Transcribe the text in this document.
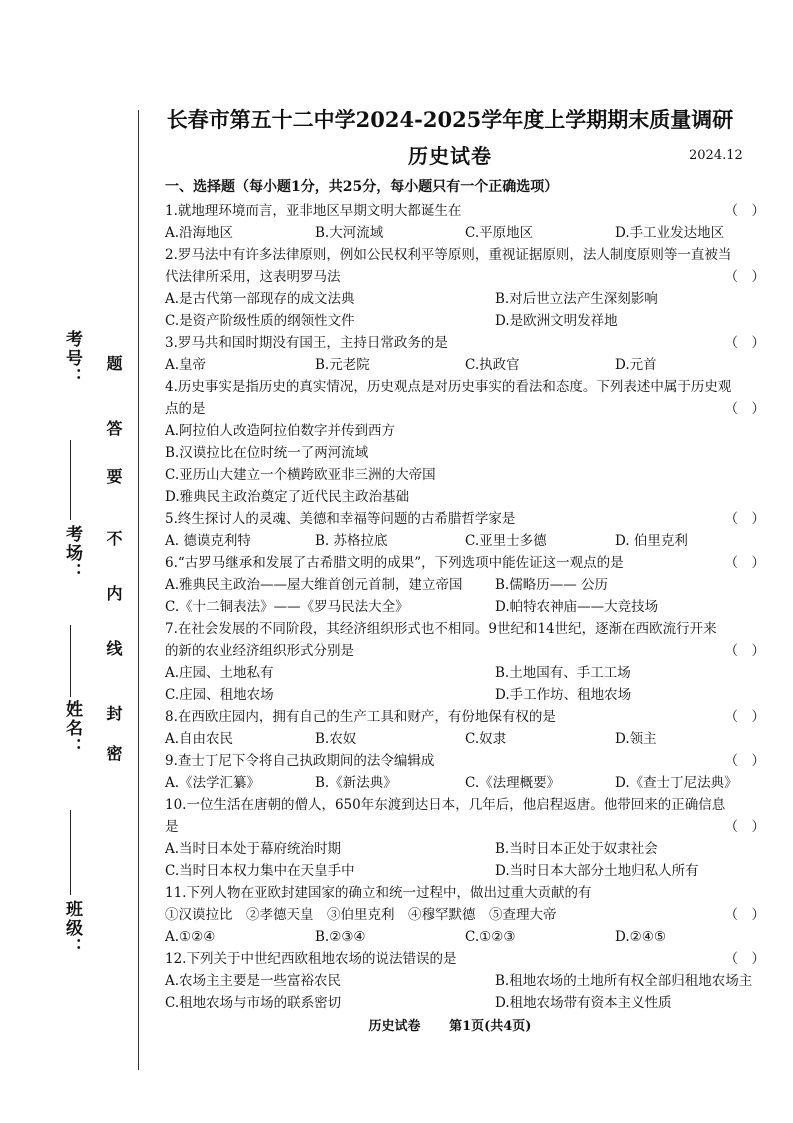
班级：
姓名：
考场：
考号： 题
答
要
不
内
线
封
密
长春市第五十二中学2024-2025学年度上学期期末质量调研
历史试卷	2024.12
一、选择题（每小题1分，共25分，每小题只有一个正确选项）
1.就地理环境而言，亚非地区早期文明大都诞生在	（　）
A.沿海地区	B.大河流域	C.平原地区	D.手工业发达地区
2.罗马法中有许多法律原则，例如公民权利平等原则，重视证据原则，法人制度原则等一直被当
代法律所采用，这表明罗马法	（　）
A.是古代第一部现存的成文法典	B.对后世立法产生深刻影响
C.是资产阶级性质的纲领性文件	D.是欧洲文明发祥地
3.罗马共和国时期没有国王，主持日常政务的是	（　）
A.皇帝	B.元老院	C.执政官	D.元首
4.历史事实是指历史的真实情况，历史观点是对历史事实的看法和态度。下列表述中属于历史观
点的是	（　）
A.阿拉伯人改造阿拉伯数字并传到西方
B.汉谟拉比在位时统一了两河流域
C.亚历山大建立一个横跨欧亚非三洲的大帝国
D.雅典民主政治奠定了近代民主政治基础
5.终生探讨人的灵魂、美德和幸福等问题的古希腊哲学家是	（　）
A. 德谟克利特	B. 苏格拉底	C.亚里士多德	D. 伯里克利
6.“古罗马继承和发展了古希腊文明的成果”，下列选项中能佐证这一观点的是	（　）
A.雅典民主政治——屋大维首创元首制，建立帝国	B.儒略历—— 公历
C.《十二铜表法》——《罗马民法大全》	D.帕特农神庙——大竞技场
7.在社会发展的不同阶段，其经济组织形式也不相同。9世纪和14世纪，逐渐在西欧流行开来
的新的农业经济组织形式分别是	（　）
A.庄园、土地私有	B.土地国有、手工工场
C.庄园、租地农场	D.手工作坊、租地农场
8.在西欧庄园内，拥有自己的生产工具和财产，有份地保有权的是	（　）
A.自由农民	B.农奴	C.奴隶	D.领主
9.查士丁尼下令将自己执政期间的法令编辑成	（　）
A.《法学汇纂》	B.《新法典》	C.《法理概要》	D.《查士丁尼法典》
10.一位生活在唐朝的僧人，650年东渡到达日本，几年后，他启程返唐。他带回来的正确信息
是	（　）
A.当时日本处于幕府统治时期	B.当时日本正处于奴隶社会
C.当时日本权力集中在天皇手中	D.当时日本大部分土地归私人所有
11.下列人物在亚欧封建国家的确立和统一过程中，做出过重大贡献的有
①汉谟拉比　②孝德天皇　③伯里克利　④穆罕默德　⑤查理大帝	（　）
A.①②④	B.②③④	C.①②③	D.②④⑤
12.下列关于中世纪西欧租地农场的说法错误的是	（　）
A.农场主主要是一些富裕农民	B.租地农场的土地所有权全部归租地农场主
C.租地农场与市场的联系密切	D.租地农场带有资本主义性质
历史试卷 第1页(共4页)
